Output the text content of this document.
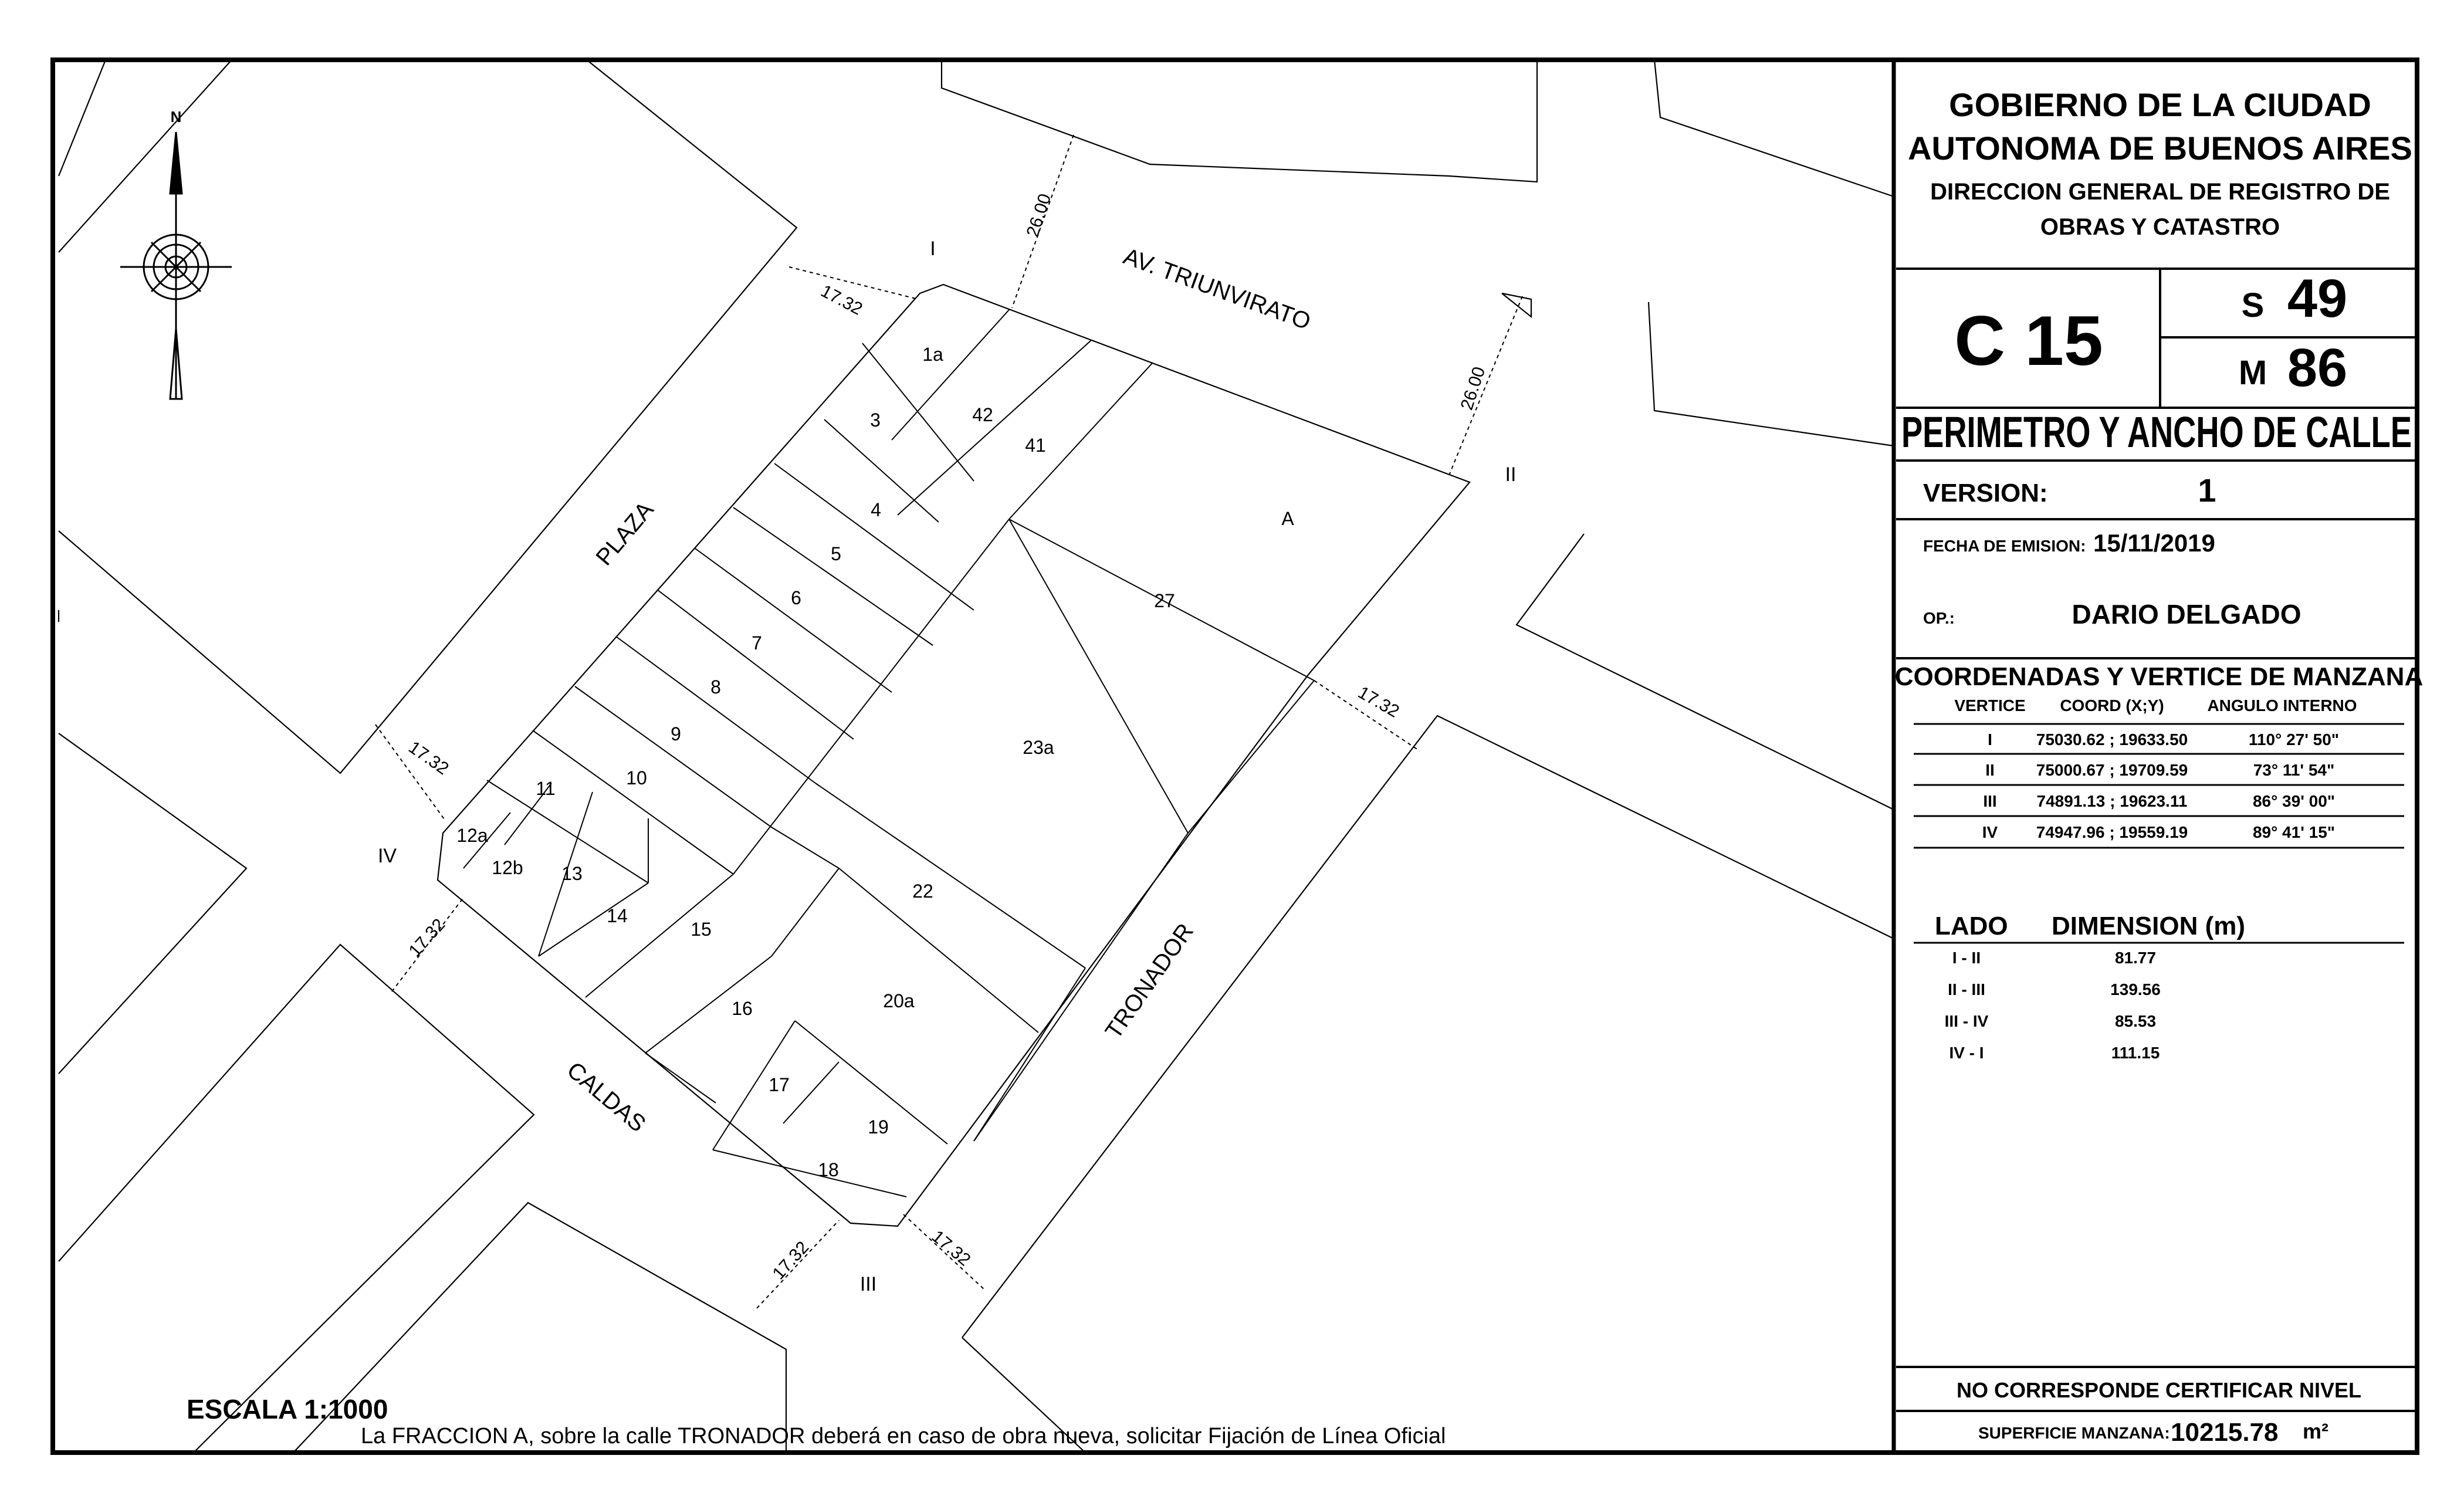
N
AV. TRIUNVIRATO
PLAZA
TRONADOR
CALDAS
26.00
26.00
17.32
17.32
17.32
17.32	17.32
17.32
I
II
III
IV
1a
3	42
41
4
5
6
7
8
9
10
11
12a
12b 13
14
15
16
17
18
19
20a
22
23a
27
A
ESCALA 1:1000
La FRACCION A, sobre la calle TRONADOR deberá en caso de obra nueva, solicitar Fijación de Línea Oficial
GOBIERNO DE LA CIUDAD
AUTONOMA DE BUENOS AIRES
DIRECCION GENERAL DE REGISTRO DE
OBRAS Y CATASTRO
C 15	S 49
M 86
PERIMETRO Y ANCHO DE CALLE
VERSION:	1
FECHA DE EMISION: 15/11/2019
OP.:	DARIO DELGADO
COORDENADAS Y VERTICE DE MANZANA
VERTICE COORD (X;Y)	ANGULO INTERNO
I	75030.62 ; 19633.50	110° 27' 50"
II	75000.67 ; 19709.59	73° 11' 54"
III 74891.13 ; 19623.11	86° 39' 00"
IV 74947.96 ; 19559.19	89° 41' 15"
LADO DIMENSION (m)
I - II	81.77
II - III	139.56
III - IV	85.53
IV - I	111.15
NO CORRESPONDE CERTIFICAR NIVEL
SUPERFICIE MANZANA: 10215.78 m²
